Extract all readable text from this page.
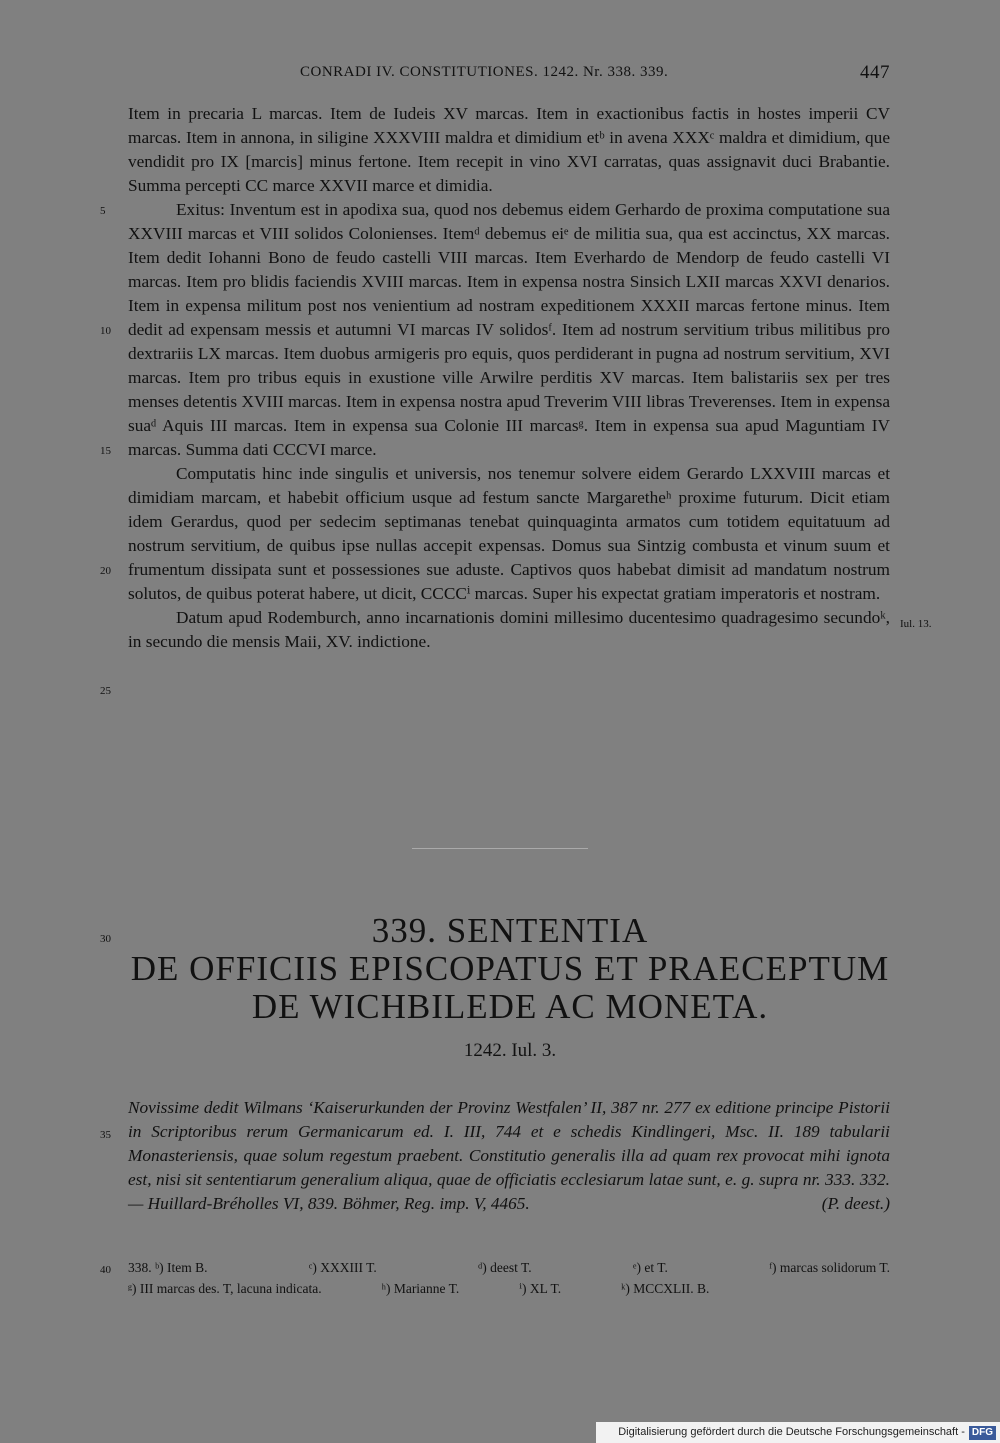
CONRADI IV. CONSTITUTIONES. 1242. Nr. 338. 339.	447
5
10
15
20
25
30
35
40
Iul. 13.

Item in precaria L marcas. Item de Iudeis XV marcas. Item in exactionibus factis in hostes imperii CV marcas. Item in annona, in siligine XXXVIII maldra et dimidium etᵇ in avena XXXᶜ maldra et dimidium, que vendidit pro IX [marcis] minus fertone. Item recepit in vino XVI carratas, quas assignavit duci Brabantie. Summa percepti CC marce XXVII marce et dimidia.

Exitus: Inventum est in apodixa sua, quod nos debemus eidem Gerhardo de proxima computatione sua XXVIII marcas et VIII solidos Colonienses. Itemᵈ debemus eiᵉ de militia sua, qua est accinctus, XX marcas. Item dedit Iohanni Bono de feudo castelli VIII marcas. Item Everhardo de Mendorp de feudo castelli VI marcas. Item pro blidis faciendis XVIII marcas. Item in expensa nostra Sinsich LXII marcas XXVI denarios. Item in expensa militum post nos venientium ad nostram expeditionem XXXII marcas fertone minus. Item dedit ad expensam messis et autumni VI marcas IV solidosᶠ. Item ad nostrum servitium tribus militibus pro dextrariis LX marcas. Item duobus armigeris pro equis, quos perdiderant in pugna ad nostrum servitium, XVI marcas. Item pro tribus equis in exustione ville Arwilre perditis XV marcas. Item balistariis sex per tres menses detentis XVIII marcas. Item in expensa nostra apud Treverim VIII libras Treverenses. Item in expensa suaᵈ Aquis III marcas. Item in expensa sua Colonie III marcasᵍ. Item in expensa sua apud Maguntiam IV marcas. Summa dati CCCVI marce.

Computatis hinc inde singulis et universis, nos tenemur solvere eidem Gerardo LXXVIII marcas et dimidiam marcam, et habebit officium usque ad festum sancte Margaretheʰ proxime futurum. Dicit etiam idem Gerardus, quod per sedecim septimanas tenebat quinquaginta armatos cum totidem equitatuum ad nostrum servitium, de quibus ipse nullas accepit expensas. Domus sua Sintzig combusta et vinum suum et frumentum dissipata sunt et possessiones sue aduste. Captivos quos habebat dimisit ad mandatum nostrum solutos, de quibus poterat habere, ut dicit, CCCCⁱ marcas. Super his expectat gratiam imperatoris et nostram.

Datum apud Rodemburch, anno incarnationis domini millesimo ducentesimo quadragesimo secundoᵏ, in secundo die mensis Maii, XV. indictione.

339. SENTENTIA
DE OFFICIIS EPISCOPATUS ET PRAECEPTUM
DE WICHBILEDE AC MONETA.
1242. Iul. 3.
Novissime dedit Wilmans ‘Kaiserurkunden der Provinz Westfalen’ II, 387 nr. 277 ex editione principe Pistorii in Scriptoribus rerum Germanicarum ed. I. III, 744 et e schedis Kindlingeri, Msc. II. 189 tabularii Monasteriensis, quae solum regestum praebent. Constitutio generalis illa ad quam rex provocat mihi ignota est, nisi sit sententiarum generalium aliqua, quae de officiatis ecclesiarum latae sunt, e. g. supra nr. 333. 332. — Huillard-Bréholles VI, 839. Böhmer, Reg. imp. V, 4465.	(P. deest.)
338. ᵇ) Item B.	ᶜ) XXXIII T.	ᵈ) deest T.	ᵉ) et T.	ᶠ) marcas solidorum T.
ᵍ) III marcas des. T, lacuna indicata.	ʰ) Marianne T.	ⁱ) XL T.	ᵏ) MCCXLII. B.
Digitalisierung gefördert durch die Deutsche Forschungsgemeinschaft - DFG
